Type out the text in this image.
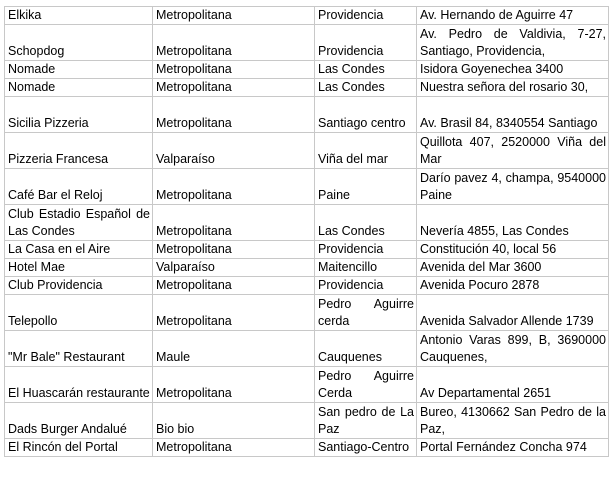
Elkika	Metropolitana	Providencia	Av. Hernando de Aguirre 47
Schopdog	Metropolitana	Providencia	Av. Pedro de Valdivia, 7-27, Santiago, Providencia,
Nomade	Metropolitana	Las Condes	Isidora Goyenechea 3400
Nomade	Metropolitana	Las Condes	Nuestra señora del rosario 30,
Sicilia Pizzeria	Metropolitana	Santiago centro	Av. Brasil 84, 8340554 Santiago
Pizzeria Francesa	Valparaíso	Viña del mar	Quillota 407, 2520000 Viña del Mar
Café Bar el Reloj	Metropolitana	Paine	Darío pavez 4, champa, 9540000 Paine
Club Estadio Español de Las Condes	Metropolitana	Las Condes	Nevería 4855, Las Condes
La Casa en el Aire	Metropolitana	Providencia	Constitución 40, local 56
Hotel Mae	Valparaíso	Maitencillo	Avenida del Mar 3600
Club Providencia	Metropolitana	Providencia	Avenida Pocuro 2878
Telepollo	Metropolitana	Pedro Aguirre cerda	Avenida Salvador Allende 1739
"Mr Bale" Restaurant	Maule	Cauquenes	Antonio Varas 899, B, 3690000 Cauquenes,
El Huascarán restaurante	Metropolitana	Pedro Aguirre Cerda	Av Departamental 2651
Dads Burger Andalué	Bio bio	San pedro de La Paz	Bureo, 4130662 San Pedro de la Paz,
El Rincón del Portal	Metropolitana	Santiago-Centro	Portal Fernández Concha 974
